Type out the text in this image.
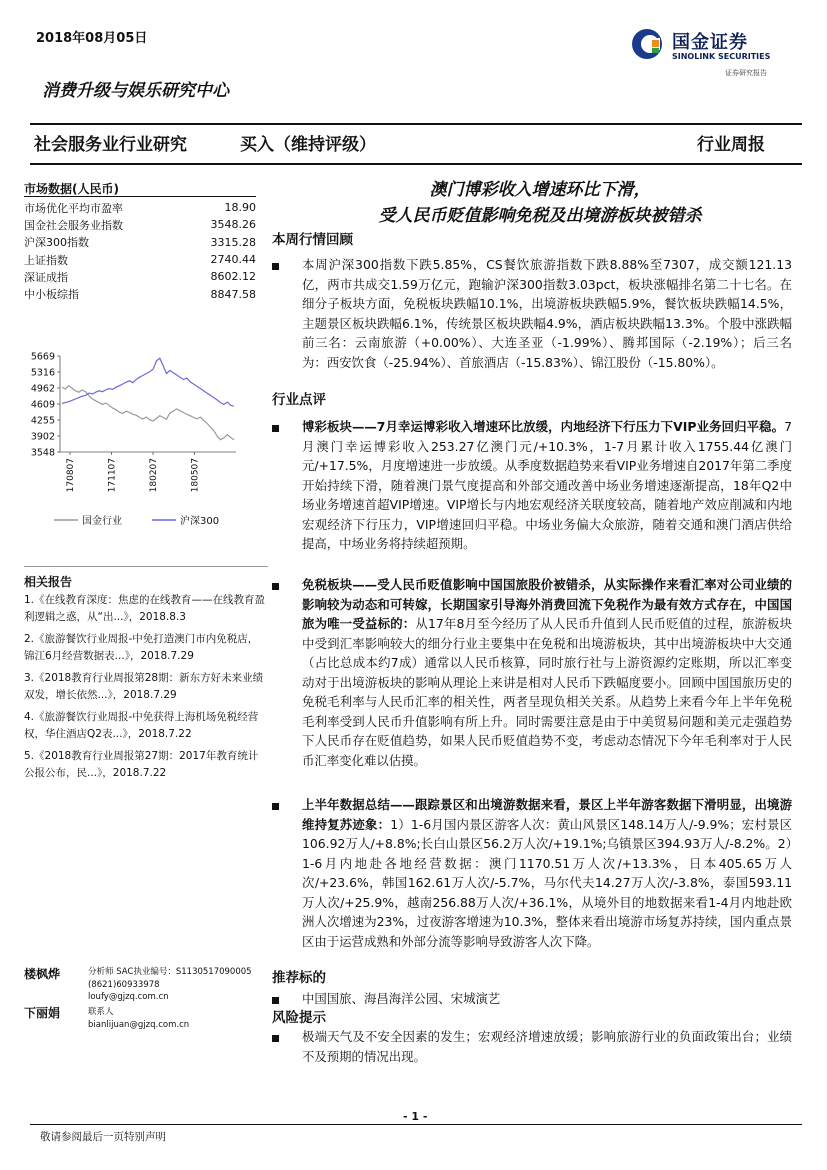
2018年08月05日	国金证券
SINOLINK SECURITIES
证券研究报告
消费升级与娱乐研究中心
社会服务业行业研究	买入（维持评级）	行业周报
市场数据(人民币)
市场优化平均市盈率	18.90
国金社会服务业指数	3548.26
沪深300指数	3315.28
上证指数	2740.44
深证成指	8602.12
中小板综指	8847.58
5669
5316
4962
4609
4255
3902
3548
170807	171107	180207	180507
国金行业	沪深300
相关报告
1.《在线教育深度：焦虑的在线教育——在线教育盈利逻辑之惑，从“出...》，2018.8.3
2.《旅游餐饮行业周报-中免打造澳门市内免税店，锦江6月经营数据表...》，2018.7.29
3.《2018教育行业周报第28期：新东方好未来业绩双发，增长依然...》，2018.7.29
4.《旅游餐饮行业周报-中免获得上海机场免税经营权，华住酒店Q2表...》，2018.7.22
5.《2018教育行业周报第27期：2017年教育统计公报公布，民...》，2018.7.22
楼枫烨	分析师 SAC执业编号：S1130517090005
(8621)60933978
loufy@gjzq.com.cn
下丽娟	联系人
bianlijuan@gjzq.com.cn
澳门博彩收入增速环比下滑，
受人民币贬值影响免税及出境游板块被错杀
本周行情回顾
本周沪深300指数下跌5.85%，CS餐饮旅游指数下跌8.88%至7307，成交额121.13亿，两市共成交1.59万亿元，跑输沪深300指数3.03pct，板块涨幅排名第二十七名。在细分子板块方面，免税板块跌幅10.1%，出境游板块跌幅5.9%，餐饮板块跌幅14.5%，主题景区板块跌幅6.1%，传统景区板块跌幅4.9%，酒店板块跌幅13.3%。个股中涨跌幅前三名：云南旅游（+0.00%）、大连圣亚（-1.99%）、腾邦国际（-2.19%）；后三名为：西安饮食（-25.94%）、首旅酒店（-15.83%）、锦江股份（-15.80%）。
行业点评
博彩板块——7月幸运博彩收入增速环比放缓，内地经济下行压力下VIP业务回归平稳。7月澳门幸运博彩收入253.27亿澳门元/+10.3%，1-7月累计收入1755.44亿澳门元/+17.5%，月度增速进一步放缓。从季度数据趋势来看VIP业务增速自2017年第二季度开始持续下滑，随着澳门景气度提高和外部交通改善中场业务增速逐渐提高，18年Q2中场业务增速首超VIP增速。VIP增长与内地宏观经济关联度较高，随着地产效应削减和内地宏观经济下行压力，VIP增速回归平稳。中场业务偏大众旅游，随着交通和澳门酒店供给提高，中场业务将持续超预期。
免税板块——受人民币贬值影响中国国旅股价被错杀，从实际操作来看汇率对公司业绩的影响较为动态和可转嫁，长期国家引导海外消费回流下免税作为最有效方式存在，中国国旅为唯一受益标的：从17年8月至今经历了从人民币升值到人民币贬值的过程，旅游板块中受到汇率影响较大的细分行业主要集中在免税和出境游板块，其中出境游板块中大交通（占比总成本约7成）通常以人民币核算，同时旅行社与上游资源约定账期，所以汇率变动对于出境游板块的影响从理论上来讲是相对人民币下跌幅度要小。回顾中国国旅历史的免税毛利率与人民币汇率的相关性，两者呈现负相关关系。从趋势上来看今年上半年免税毛利率受到人民币升值影响有所上升。同时需要注意是由于中美贸易问题和美元走强趋势下人民币存在贬值趋势，如果人民币贬值趋势不变，考虑动态情况下今年毛利率对于人民币汇率变化难以估摸。
上半年数据总结——跟踪景区和出境游数据来看，景区上半年游客数据下滑明显，出境游维持复苏迹象：1）1-6月国内景区游客人次：黄山风景区148.14万人/-9.9%；宏村景区106.92万人/+8.8%;长白山景区56.2万人次/+19.1%;乌镇景区394.93万人/-8.2%。2）1-6月内地赴各地经营数据：澳门1170.51万人次/+13.3%，日本405.65万人次/+23.6%，韩国162.61万人次/-5.7%，马尔代夫14.27万人次/-3.8%，泰国593.11万人次/+25.9%，越南256.88万人次/+36.1%，从境外目的地数据来看1-4月内地赴欧洲人次增速为23%，过夜游客增速为10.3%，整体来看出境游市场复苏持续，国内重点景区由于运营成熟和外部分流等影响导致游客人次下降。
推荐标的
中国国旅、海昌海洋公园、宋城演艺
风险提示
极端天气及不安全因素的发生；宏观经济增速放缓；影响旅游行业的负面政策出台；业绩不及预期的情况出现。
- 1 -
敬请参阅最后一页特别声明
